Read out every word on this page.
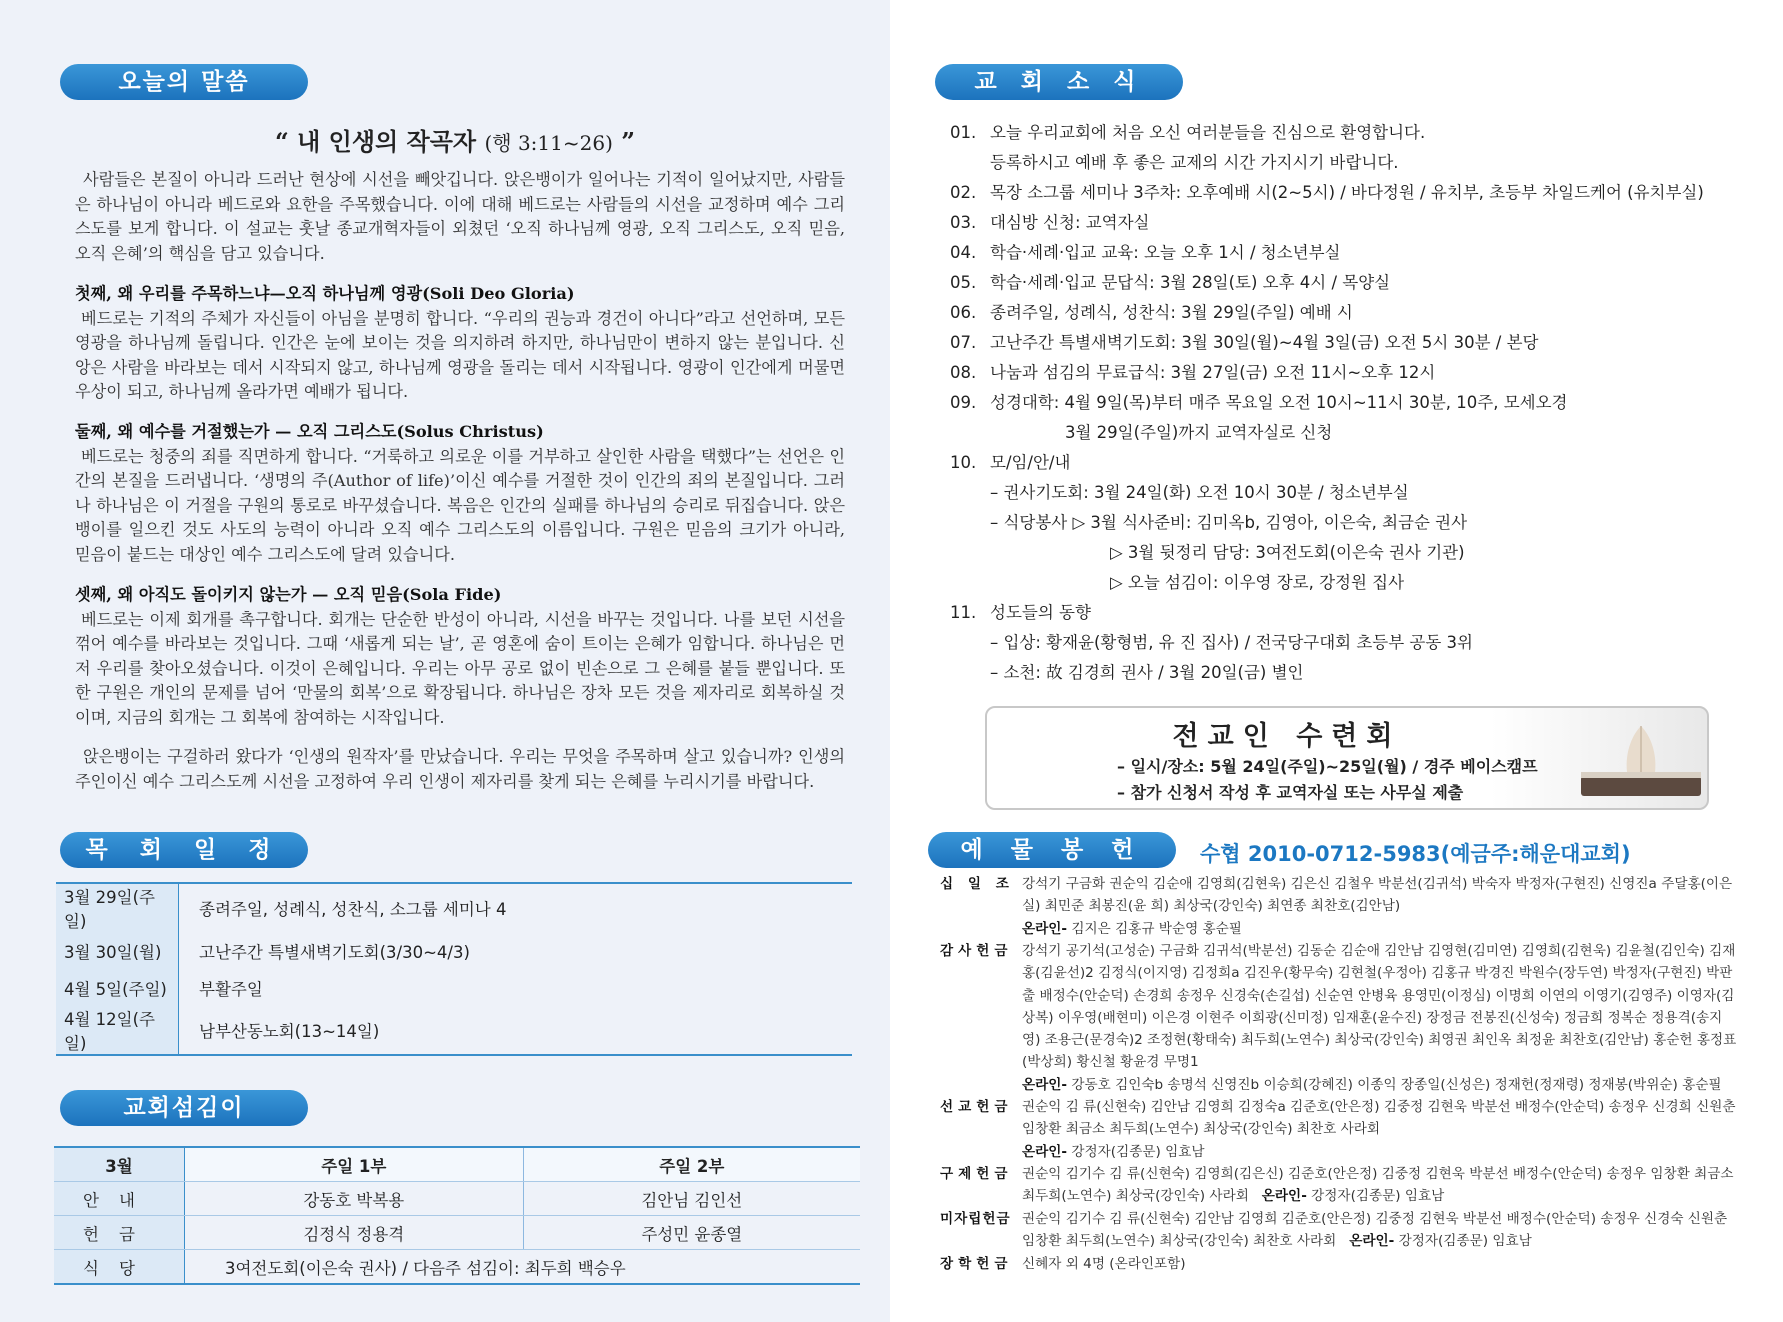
오늘의 말씀
“ 내 인생의 작곡자 (행 3:11~26) ”
사람들은 본질이 아니라 드러난 현상에 시선을 빼앗깁니다. 앉은뱅이가 일어나는 기적이 일어났지만, 사람들은 하나님이 아니라 베드로와 요한을 주목했습니다. 이에 대해 베드로는 사람들의 시선을 교정하며 예수 그리스도를 보게 합니다. 이 설교는 훗날 종교개혁자들이 외쳤던 ‘오직 하나님께 영광, 오직 그리스도, 오직 믿음, 오직 은혜’의 핵심을 담고 있습니다.
첫째, 왜 우리를 주목하느냐—오직 하나님께 영광(Soli Deo Gloria)
베드로는 기적의 주체가 자신들이 아님을 분명히 합니다. “우리의 권능과 경건이 아니다”라고 선언하며, 모든 영광을 하나님께 돌립니다. 인간은 눈에 보이는 것을 의지하려 하지만, 하나님만이 변하지 않는 분입니다. 신앙은 사람을 바라보는 데서 시작되지 않고, 하나님께 영광을 돌리는 데서 시작됩니다. 영광이 인간에게 머물면 우상이 되고, 하나님께 올라가면 예배가 됩니다.
둘째, 왜 예수를 거절했는가 — 오직 그리스도(Solus Christus)
베드로는 청중의 죄를 직면하게 합니다. “거룩하고 의로운 이를 거부하고 살인한 사람을 택했다”는 선언은 인간의 본질을 드러냅니다. ‘생명의 주(Author of life)’이신 예수를 거절한 것이 인간의 죄의 본질입니다. 그러나 하나님은 이 거절을 구원의 통로로 바꾸셨습니다. 복음은 인간의 실패를 하나님의 승리로 뒤집습니다. 앉은뱅이를 일으킨 것도 사도의 능력이 아니라 오직 예수 그리스도의 이름입니다. 구원은 믿음의 크기가 아니라, 믿음이 붙드는 대상인 예수 그리스도에 달려 있습니다.
셋째, 왜 아직도 돌이키지 않는가 — 오직 믿음(Sola Fide)
베드로는 이제 회개를 촉구합니다. 회개는 단순한 반성이 아니라, 시선을 바꾸는 것입니다. 나를 보던 시선을 꺾어 예수를 바라보는 것입니다. 그때 ‘새롭게 되는 날’, 곧 영혼에 숨이 트이는 은혜가 임합니다. 하나님은 먼저 우리를 찾아오셨습니다. 이것이 은혜입니다. 우리는 아무 공로 없이 빈손으로 그 은혜를 붙들 뿐입니다. 또한 구원은 개인의 문제를 넘어 ‘만물의 회복’으로 확장됩니다. 하나님은 장차 모든 것을 제자리로 회복하실 것이며, 지금의 회개는 그 회복에 참여하는 시작입니다.
앉은뱅이는 구걸하러 왔다가 ‘인생의 원작자’를 만났습니다. 우리는 무엇을 주목하며 살고 있습니까? 인생의 주인이신 예수 그리스도께 시선을 고정하여 우리 인생이 제자리를 찾게 되는 은혜를 누리시기를 바랍니다.
목 회 일 정
3월 29일(주일)	종려주일, 성례식, 성찬식, 소그룹 세미나 4
3월 30일(월)	고난주간 특별새벽기도회(3/30~4/3)
4월 5일(주일)	부활주일
4월 12일(주일)	남부산동노회(13~14일)
교회섬김이
3월	주일 1부	주일 2부
안내	강동호 박복용	김안님 김인선
헌금	김정식 정용격	주성민 윤종열
식당	3여전도회(이은숙 권사) / 다음주 섬김이: 최두희 백승우	
교 회 소 식
01. 오늘 우리교회에 처음 오신 여러분들을 진심으로 환영합니다.
등록하시고 예배 후 좋은 교제의 시간 가지시기 바랍니다.
02. 목장 소그룹 세미나 3주차: 오후예배 시(2~5시) / 바다정원 / 유치부, 초등부 차일드케어 (유치부실)
03. 대심방 신청: 교역자실
04. 학습·세례·입교 교육: 오늘 오후 1시 / 청소년부실
05. 학습·세례·입교 문답식: 3월 28일(토) 오후 4시 / 목양실
06. 종려주일, 성례식, 성찬식: 3월 29일(주일) 예배 시
07. 고난주간 특별새벽기도회: 3월 30일(월)~4월 3일(금) 오전 5시 30분 / 본당
08. 나눔과 섬김의 무료급식: 3월 27일(금) 오전 11시~오후 12시
09. 성경대학: 4월 9일(목)부터 매주 목요일 오전 10시~11시 30분, 10주, 모세오경
3월 29일(주일)까지 교역자실로 신청
10. 모/임/안/내
– 권사기도회: 3월 24일(화) 오전 10시 30분 / 청소년부실
– 식당봉사 ▷ 3월 식사준비: 김미옥b, 김영아, 이은숙, 최금순 권사
▷ 3월 뒷정리 담당: 3여전도회(이은숙 권사 기관)
▷ 오늘 섬김이: 이우영 장로, 강정원 집사
11. 성도들의 동향
– 입상: 황재윤(황형범, 유 진 집사) / 전국당구대회 초등부 공동 3위
– 소천: 故 김경희 권사 / 3월 20일(금) 별인
전교인 수련회
– 일시/장소: 5월 24일(주일)~25일(월) / 경주 베이스캠프
– 참가 신청서 작성 후 교역자실 또는 사무실 제출
예 물 봉 헌	수협 2010-0712-5983(예금주:해운대교회)
십 일 조 강석기 구금화 권순익 김순애 김영희(김현욱) 김은신 김철우 박분선(김귀석) 박숙자 박정자(구현진) 신영진a 주달홍(이은실) 최민준 최봉진(윤 희) 최상국(강인숙) 최연종 최찬호(김안남)
온라인- 김지은 김홍규 박순영 홍순필
감사헌금 강석기 공기석(고성순) 구금화 김귀석(박분선) 김동순 김순애 김안남 김영현(김미연) 김영희(김현욱) 김윤철(김인숙) 김재홍(김윤선)2 김정식(이지영) 김정희a 김진우(황무숙) 김현철(우정아) 김홍규 박경진 박원수(장두연) 박정자(구현진) 박판출 배정수(안순덕) 손경희 송정우 신경숙(손길섭) 신순연 안병육 용영민(이정심) 이명희 이연의 이영기(김영주) 이영자(김상복) 이우영(배현미) 이은경 이현주 이희광(신미정) 임재훈(윤수진) 장정금 전봉진(신성숙) 정금희 정복순 정용격(송지영) 조용근(문경숙)2 조정현(황태숙) 최두희(노연수) 최상국(강인숙) 최영권 최인옥 최정윤 최찬호(김안남) 홍순헌 홍정표(박상희) 황신철 황윤경 무명1
온라인- 강동호 김인숙b 송명석 신영진b 이승희(강혜진) 이종익 장종일(신성은) 정재헌(정재령) 정재봉(박위순) 홍순필
선교헌금 권순익 김 류(신현숙) 김안남 김영희 김정숙a 김준호(안은정) 김중정 김현욱 박분선 배정수(안순덕) 송정우 신경희 신원춘 임창환 최금소 최두희(노연수) 최상국(강인숙) 최찬호 사라회
온라인- 강정자(김종문) 임효남
구제헌금 권순익 김기수 김 류(신현숙) 김영희(김은신) 김준호(안은정) 김중정 김현욱 박분선 배정수(안순덕) 송정우 임창환 최금소 최두희(노연수) 최상국(강인숙) 사라회 온라인- 강정자(김종문) 임효남
미자립헌금 권순익 김기수 김 류(신현숙) 김안남 김영희 김준호(안은정) 김중정 김현욱 박분선 배정수(안순덕) 송정우 신경숙 신원춘 임창환 최두희(노연수) 최상국(강인숙) 최찬호 사라회 온라인- 강정자(김종문) 임효남
장학헌금 신혜자 외 4명 (온라인포함)
